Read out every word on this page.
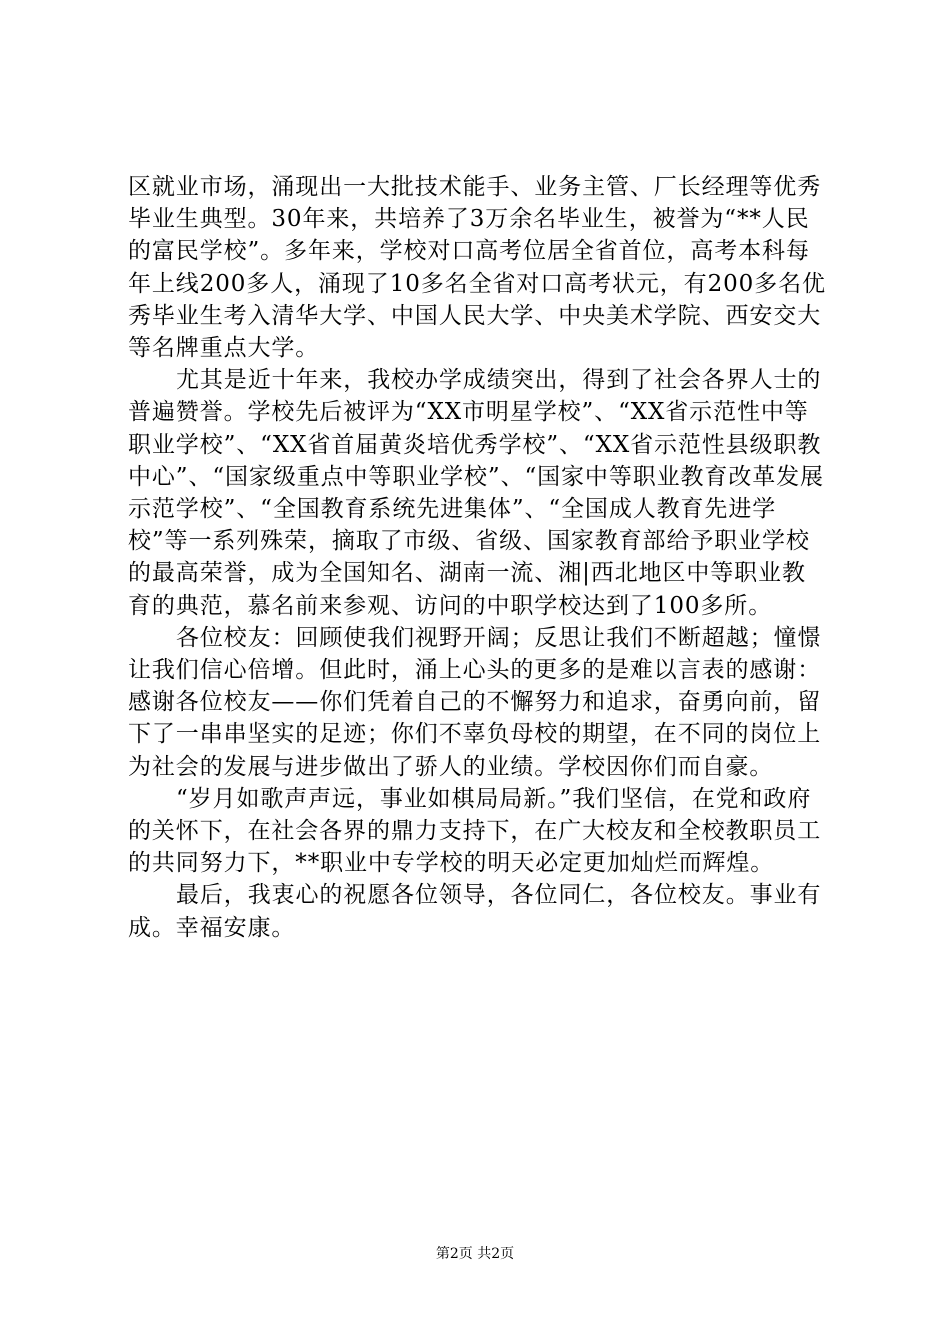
区就业市场，涌现出一大批技术能手、业务主管、厂长经理等优秀毕业生典型。30年来，共培养了3万余名毕业生，被誉为“**人民的富民学校”。多年来，学校对口高考位居全省首位，高考本科每年上线200多人，涌现了10多名全省对口高考状元，有200多名优秀毕业生考入清华大学、中国人民大学、中央美术学院、西安交大等名牌重点大学。

尤其是近十年来，我校办学成绩突出，得到了社会各界人士的普遍赞誉。学校先后被评为“XX市明星学校”、“XX省示范性中等职业学校”、“XX省首届黄炎培优秀学校”、“XX省示范性县级职教中心”、“国家级重点中等职业学校”、“国家中等职业教育改革发展示范学校”、“全国教育系统先进集体”、“全国成人教育先进学校”等一系列殊荣，摘取了市级、省级、国家教育部给予职业学校的最高荣誉，成为全国知名、湖南一流、湘|西北地区中等职业教育的典范，慕名前来参观、访问的中职学校达到了100多所。

各位校友：回顾使我们视野开阔；反思让我们不断超越；憧憬让我们信心倍增。但此时，涌上心头的更多的是难以言表的感谢：感谢各位校友——你们凭着自己的不懈努力和追求，奋勇向前，留下了一串串坚实的足迹；你们不辜负母校的期望，在不同的岗位上为社会的发展与进步做出了骄人的业绩。学校因你们而自豪。

“岁月如歌声声远，事业如棋局局新。”我们坚信，在党和政府的关怀下，在社会各界的鼎力支持下，在广大校友和全校教职员工的共同努力下，**职业中专学校的明天必定更加灿烂而辉煌。

最后，我衷心的祝愿各位领导，各位同仁，各位校友。事业有成。幸福安康。

第2页 共2页
